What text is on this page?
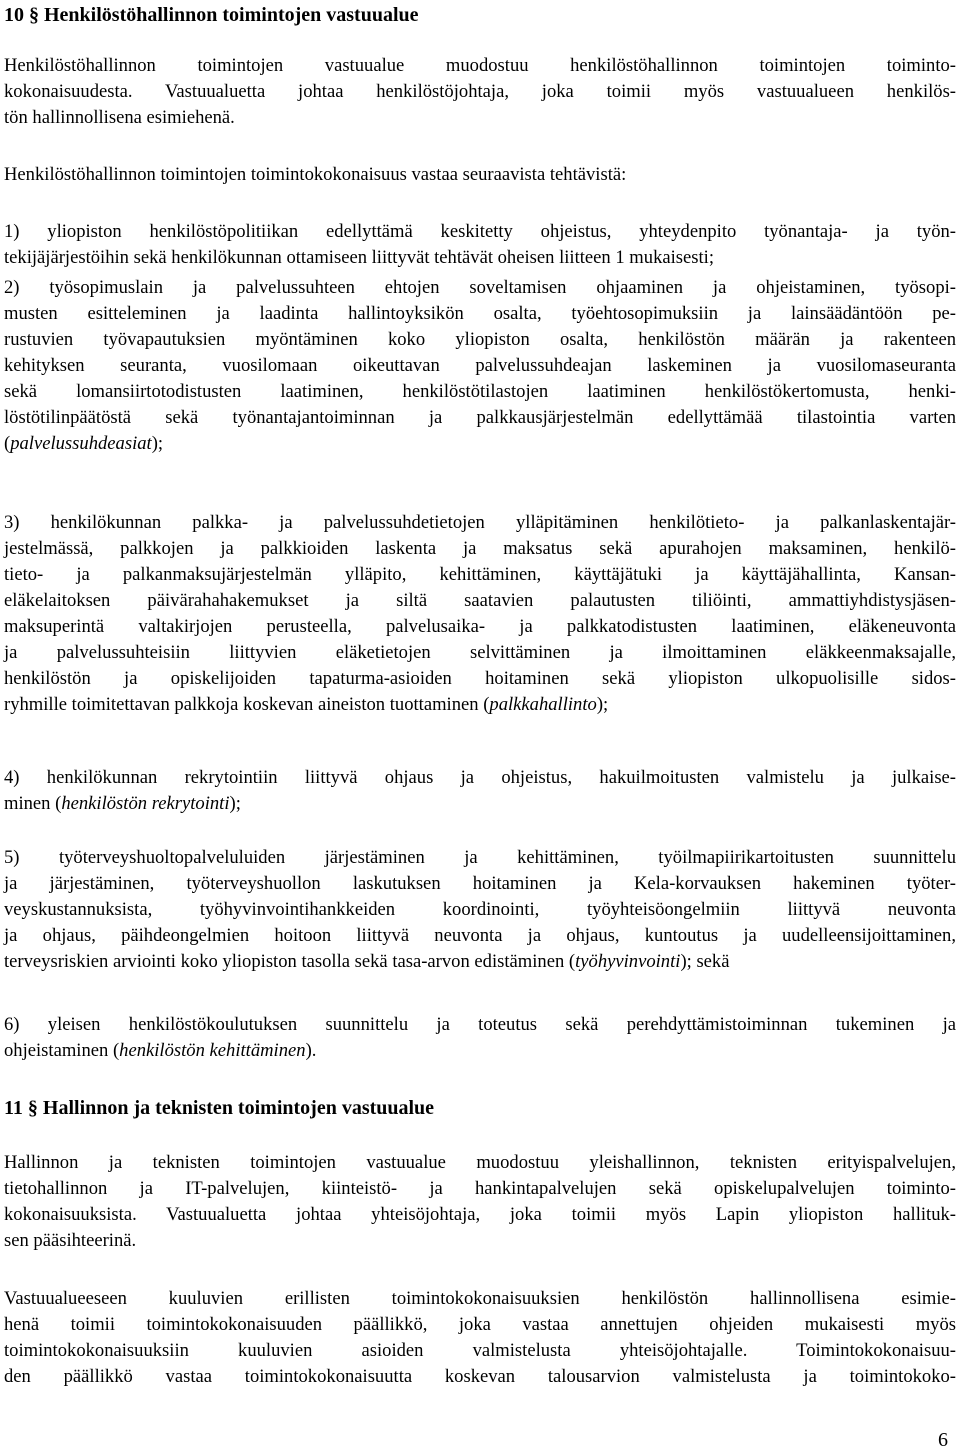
10 § Henkilöstöhallinnon toimintojen vastuualue
Henkilöstöhallinnon toimintojen vastuualue muodostuu henkilöstöhallinnon toimintojen toiminto-
kokonaisuudesta. Vastuualuetta johtaa henkilöstöjohtaja, joka toimii myös vastuualueen henkilös-
tön hallinnollisena esimiehenä.
Henkilöstöhallinnon toimintojen toimintokokonaisuus vastaa seuraavista tehtävistä:
1) yliopiston henkilöstöpolitiikan edellyttämä keskitetty ohjeistus, yhteydenpito työnantaja- ja työn-
tekijäjärjestöihin sekä henkilökunnan ottamiseen liittyvät tehtävät oheisen liitteen 1 mukaisesti;
2) työsopimuslain ja palvelussuhteen ehtojen soveltamisen ohjaaminen ja ohjeistaminen, työsopi-
musten esitteleminen ja laadinta hallintoyksikön osalta, työehtosopimuksiin ja lainsäädäntöön pe-
rustuvien työvapautuksien myöntäminen koko yliopiston osalta, henkilöstön määrän ja rakenteen
kehityksen seuranta, vuosilomaan oikeuttavan palvelussuhdeajan laskeminen ja vuosilomaseuranta
sekä lomansiirtotodistusten laatiminen, henkilöstötilastojen laatiminen henkilöstökertomusta, henki-
löstötilinpäätöstä sekä työnantajantoiminnan ja palkkausjärjestelmän edellyttämää tilastointia varten
(palvelussuhdeasiat);
3) henkilökunnan palkka- ja palvelussuhdetietojen ylläpitäminen henkilötieto- ja palkanlaskentajär-
jestelmässä, palkkojen ja palkkioiden laskenta ja maksatus sekä apurahojen maksaminen, henkilö-
tieto- ja palkanmaksujärjestelmän ylläpito, kehittäminen, käyttäjätuki ja käyttäjähallinta, Kansan-
eläkelaitoksen päivärahahakemukset ja siltä saatavien palautusten tiliöinti, ammattiyhdistysjäsen-
maksuperintä valtakirjojen perusteella, palvelusaika- ja palkkatodistusten laatiminen, eläkeneuvonta
ja palvelussuhteisiin liittyvien eläketietojen selvittäminen ja ilmoittaminen eläkkeenmaksajalle,
henkilöstön ja opiskelijoiden tapaturma-asioiden hoitaminen sekä yliopiston ulkopuolisille sidos-
ryhmille toimitettavan palkkoja koskevan aineiston tuottaminen (palkkahallinto);
4) henkilökunnan rekrytointiin liittyvä ohjaus ja ohjeistus, hakuilmoitusten valmistelu ja julkaise-
minen (henkilöstön rekrytointi);
5) työterveyshuoltopalveluluiden järjestäminen ja kehittäminen, työilmapiirikartoitusten suunnittelu
ja järjestäminen, työterveyshuollon laskutuksen hoitaminen ja Kela-korvauksen hakeminen työter-
veyskustannuksista, työhyvinvointihankkeiden koordinointi, työyhteisöongelmiin liittyvä neuvonta
ja ohjaus, päihdeongelmien hoitoon liittyvä neuvonta ja ohjaus, kuntoutus ja uudelleensijoittaminen,
terveysriskien arviointi koko yliopiston tasolla sekä tasa-arvon edistäminen (työhyvinvointi); sekä
6) yleisen henkilöstökoulutuksen suunnittelu ja toteutus sekä perehdyttämistoiminnan tukeminen ja
ohjeistaminen (henkilöstön kehittäminen).
11 § Hallinnon ja teknisten toimintojen vastuualue
Hallinnon ja teknisten toimintojen vastuualue muodostuu yleishallinnon, teknisten erityispalvelujen,
tietohallinnon ja IT-palvelujen, kiinteistö- ja hankintapalvelujen sekä opiskelupalvelujen toiminto-
kokonaisuuksista. Vastuualuetta johtaa yhteisöjohtaja, joka toimii myös Lapin yliopiston hallituk-
sen pääsihteerinä.
Vastuualueeseen kuuluvien erillisten toimintokokonaisuuksien henkilöstön hallinnollisena esimie-
henä toimii toimintokokonaisuuden päällikkö, joka vastaa annettujen ohjeiden mukaisesti myös
toimintokokonaisuuksiin kuuluvien asioiden valmistelusta yhteisöjohtajalle. Toimintokokonaisuu-
den päällikkö vastaa toimintokokonaisuutta koskevan talousarvion valmistelusta ja toimintokoko-
6
